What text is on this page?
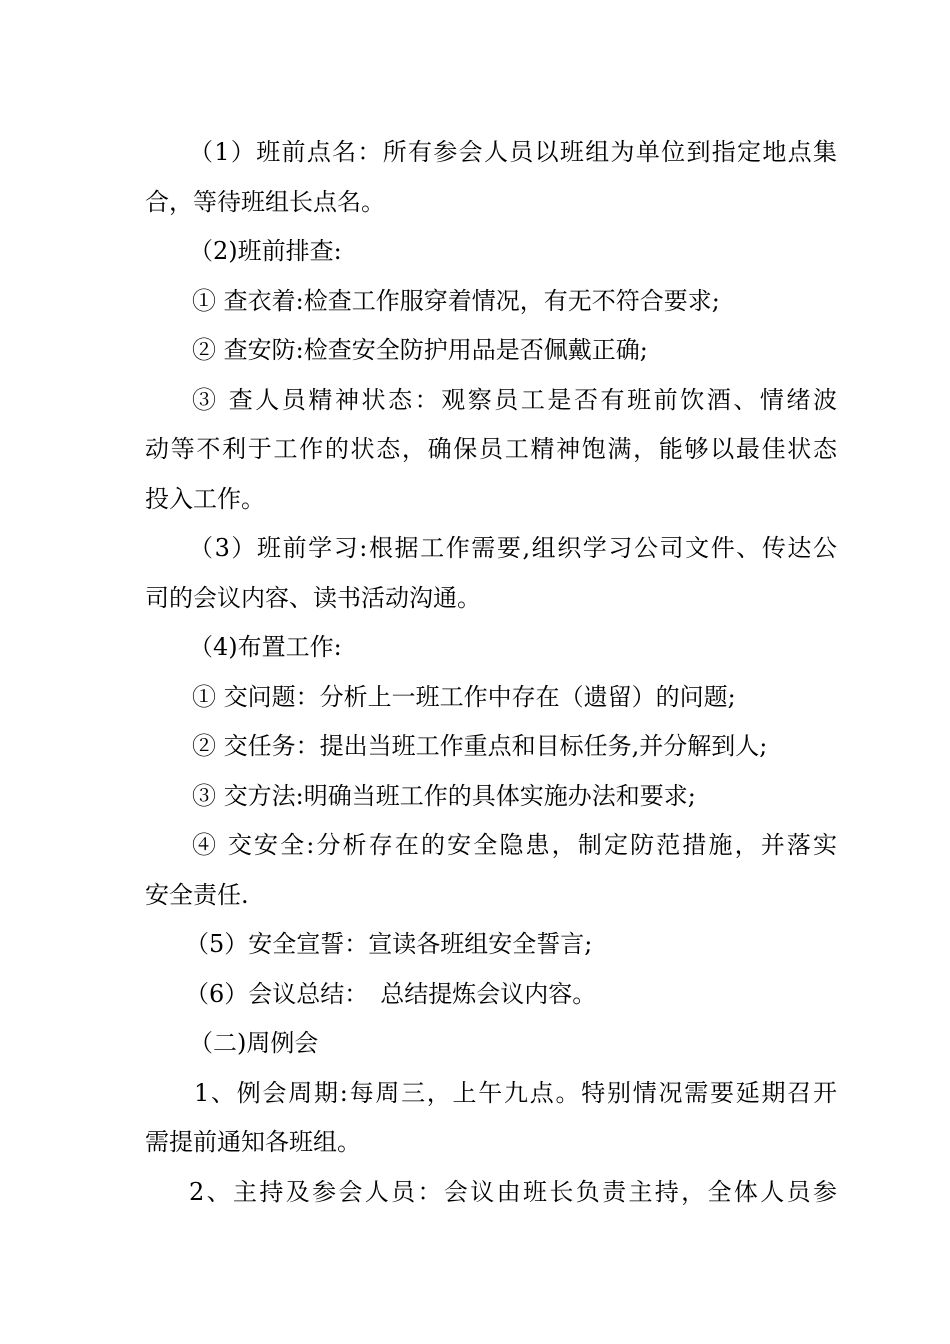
（1）班前点名：所有参会人员以班组为单位到指定地点集
合，等待班组长点名。
（2)班前排查:
① 查衣着:检查工作服穿着情况，有无不符合要求;
② 查安防:检查安全防护用品是否佩戴正确;
③ 查人员精神状态：观察员工是否有班前饮酒、情绪波
动等不利于工作的状态，确保员工精神饱满，能够以最佳状态
投入工作。
（3）班前学习:根据工作需要,组织学习公司文件、传达公
司的会议内容、读书活动沟通。
（4)布置工作:
① 交问题：分析上一班工作中存在（遗留）的问题;
② 交任务：提出当班工作重点和目标任务,并分解到人;
③ 交方法:明确当班工作的具体实施办法和要求;
④ 交安全:分析存在的安全隐患，制定防范措施，并落实
安全责任.
（5）安全宣誓：宣读各班组安全誓言;
（6）会议总结：　总结提炼会议内容。
（二)周例会
1、例会周期:每周三，上午九点。特别情况需要延期召开
需提前通知各班组。
2、主持及参会人员：会议由班长负责主持，全体人员参
